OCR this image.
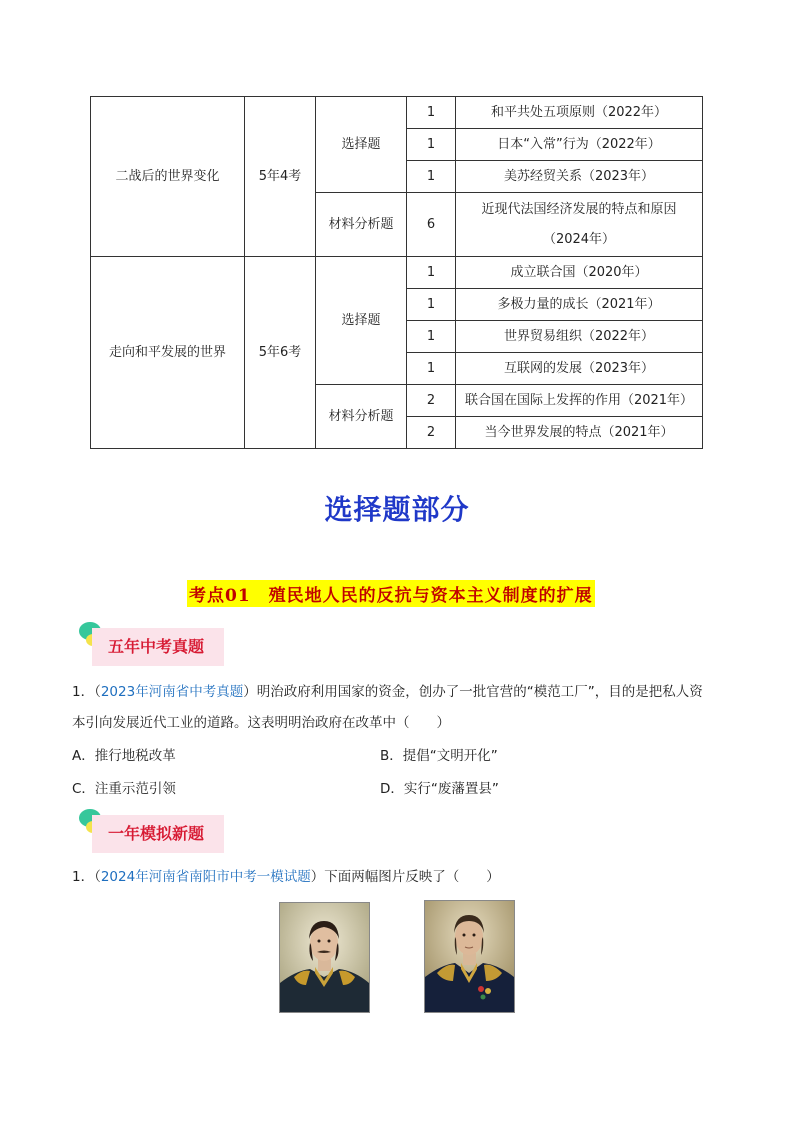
二战后的世界变化	5年4考	选择题	1	和平共处五项原则（2022年）
			1	日本“入常”行为（2022年）
			1	美苏经贸关系（2023年）
		材料分析题	6	近现代法国经济发展的特点和原因
（2024年）

走向和平发展的世界	5年6考	选择题	1	成立联合国（2020年）
			1	多极力量的成长（2021年）
			1	世界贸易组织（2022年）
			1	互联网的发展（2023年）
		材料分析题	2	联合国在国际上发挥的作用（2021年）
			2	当今世界发展的特点（2021年）
选择题部分
考点01　殖民地人民的反抗与资本主义制度的扩展
五年中考真题
1．（2023年河南省中考真题）明治政府利用国家的资金，创办了一批官营的“模范工厂”，目的是把私人资
本引向发展近代工业的道路。这表明明治政府在改革中（　　）
A．推行地税改革	B．提倡“文明开化”
C．注重示范引领	D．实行“废藩置县”
一年模拟新题
1．（2024年河南省南阳市中考一模试题）下面两幅图片反映了（　　）
